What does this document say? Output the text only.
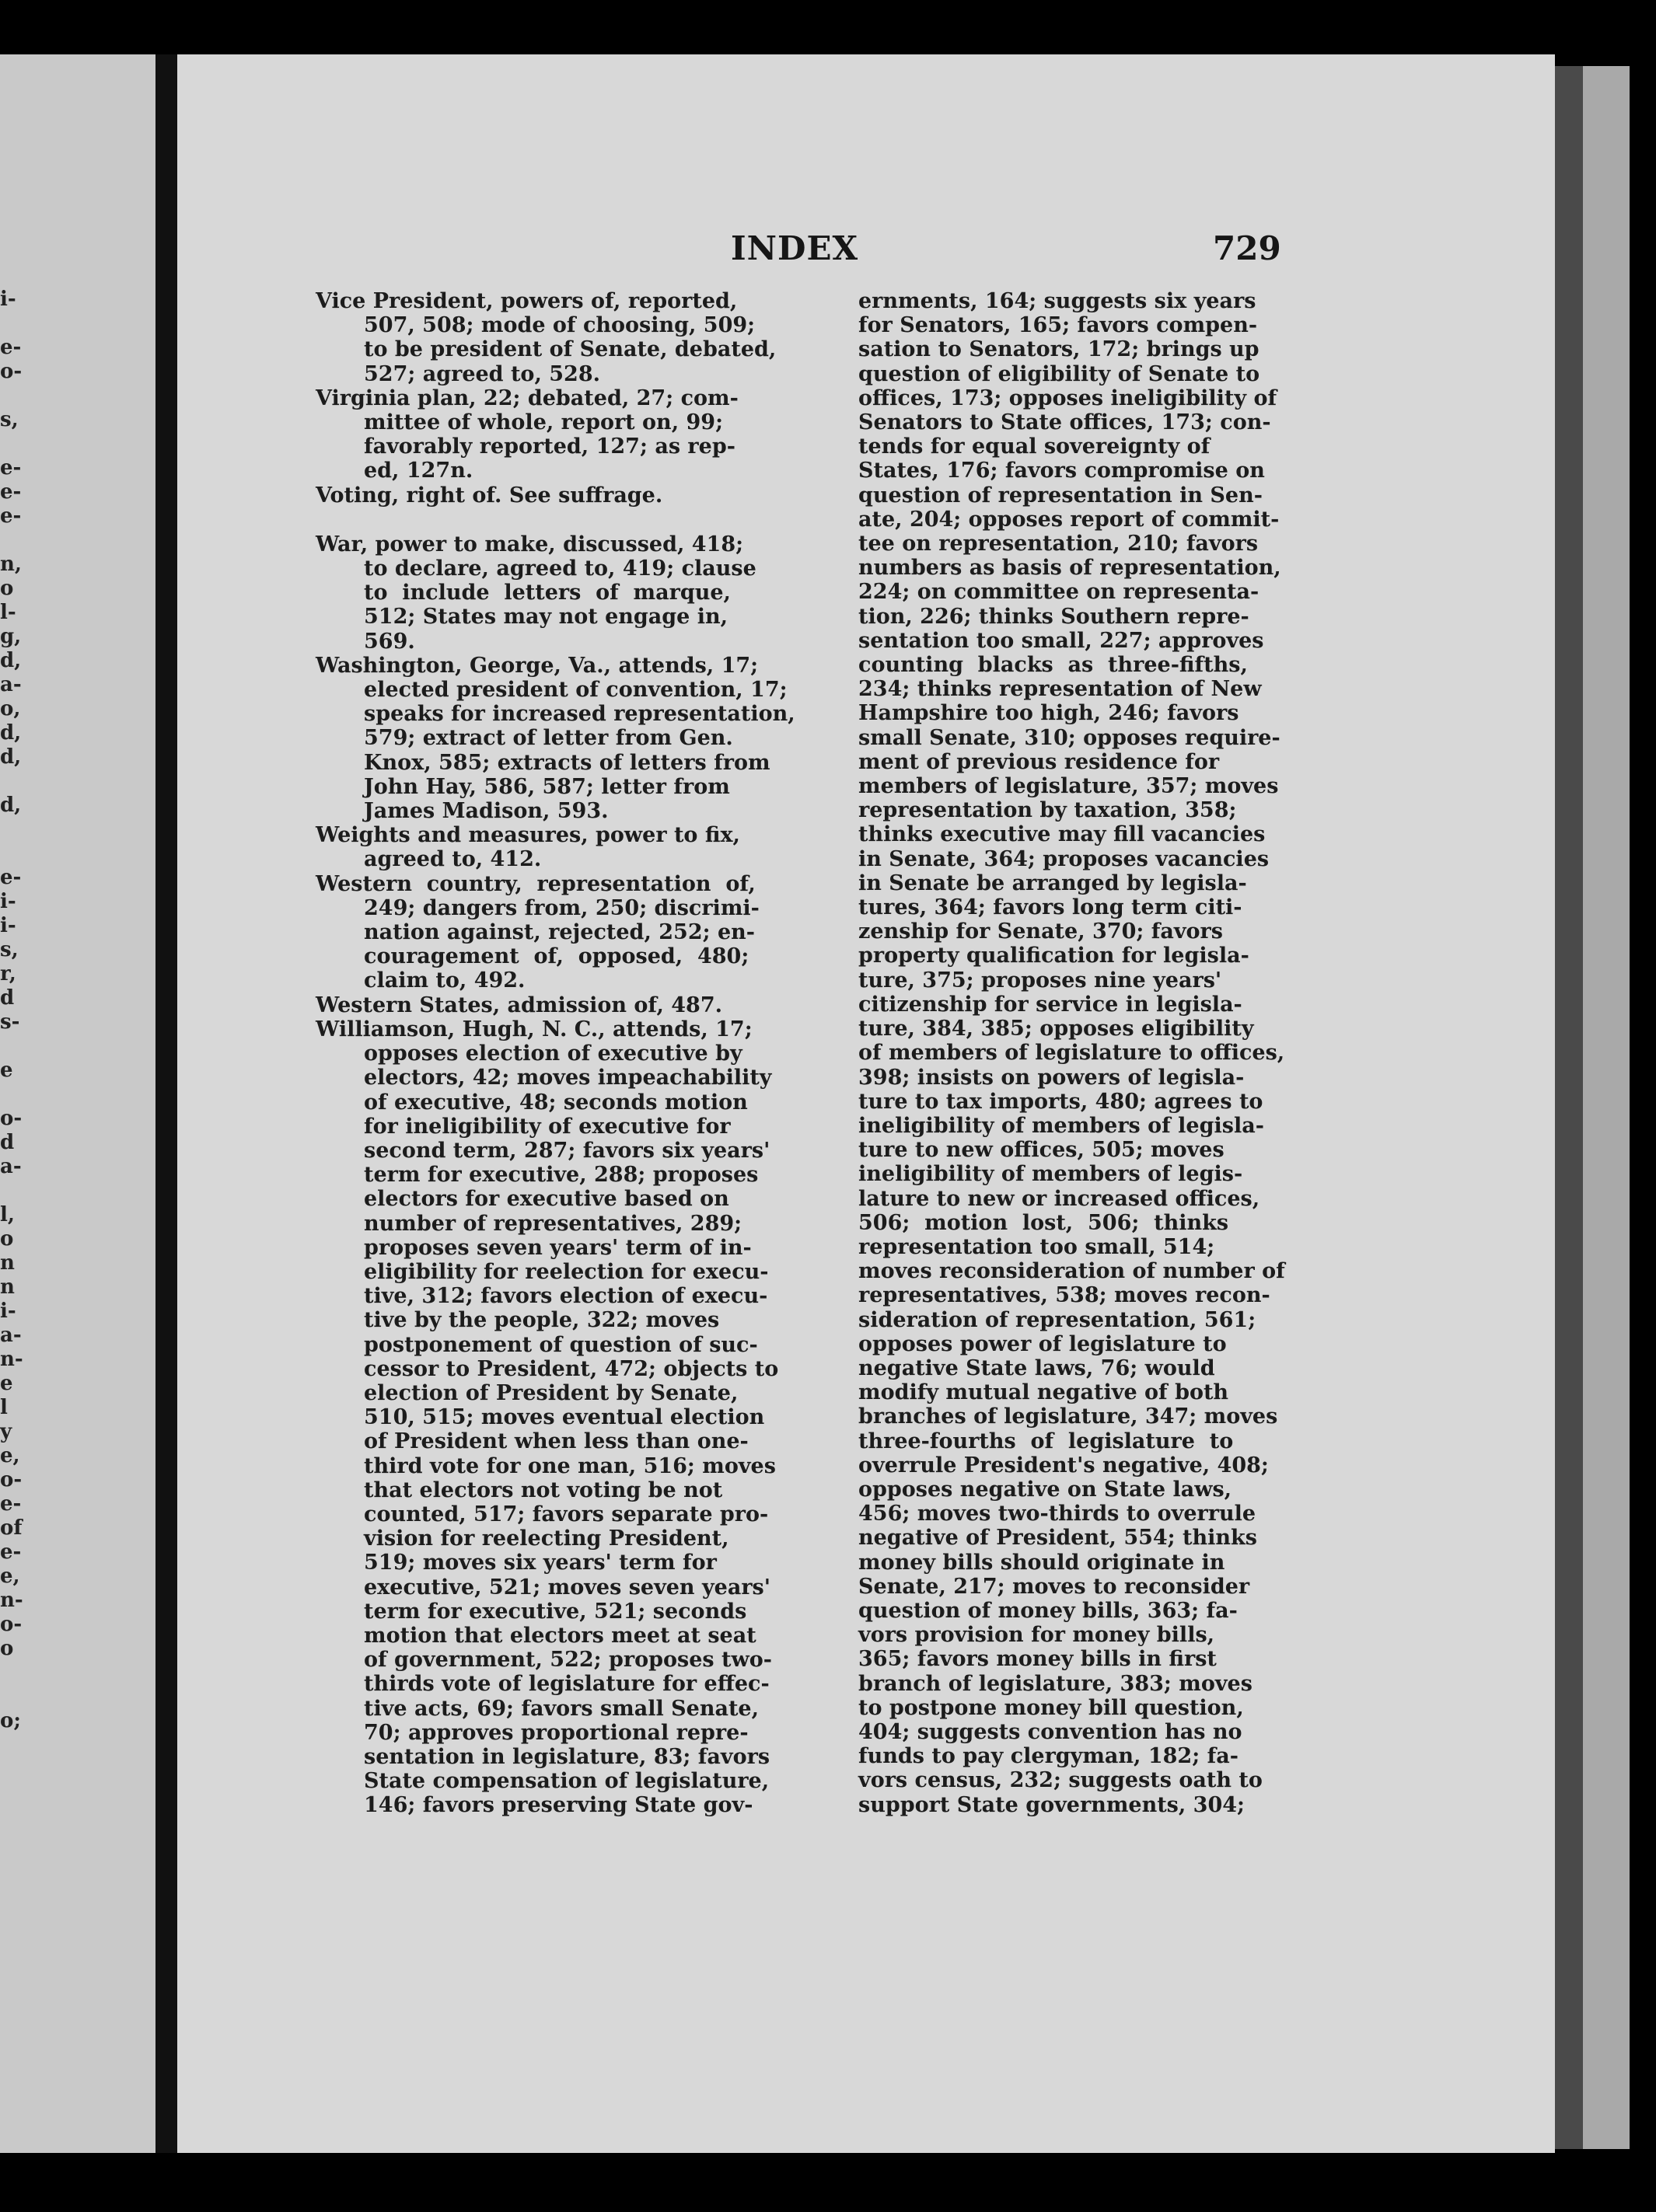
i-
e-
o-
s,
e-
e-
e-
n,
o
l-
g,
d,
a-
o,
d,
d,
d,
e-
i-
i-
s,
r,
d
s-
e
o-
d
a-
l,
o
n
n
i-
a-
n-
e
l
y
e,
o-
e-
of
e-
e,
n-
o-
o
o;
INDEX	729
Vice President, powers of, reported,
507, 508; mode of choosing, 509;
to be president of Senate, debated,
527; agreed to, 528.
Virginia plan, 22; debated, 27; com-
mittee of whole, report on, 99;
favorably reported, 127; as rep-
ed, 127n.
Voting, right of. See suffrage.
War, power to make, discussed, 418;
to declare, agreed to, 419; clause
to  include  letters  of  marque,
512; States may not engage in,
569.
Washington, George, Va., attends, 17;
elected president of convention, 17;
speaks for increased representation,
579; extract of letter from Gen.
Knox, 585; extracts of letters from
John Hay, 586, 587; letter from
James Madison, 593.
Weights and measures, power to fix,
agreed to, 412.
Western  country,  representation  of,
249; dangers from, 250; discrimi-
nation against, rejected, 252; en-
couragement  of,  opposed,  480;
claim to, 492.
Western States, admission of, 487.
Williamson, Hugh, N. C., attends, 17;
opposes election of executive by
electors, 42; moves impeachability
of executive, 48; seconds motion
for ineligibility of executive for
second term, 287; favors six years'
term for executive, 288; proposes
electors for executive based on
number of representatives, 289;
proposes seven years' term of in-
eligibility for reelection for execu-
tive, 312; favors election of execu-
tive by the people, 322; moves
postponement of question of suc-
cessor to President, 472; objects to
election of President by Senate,
510, 515; moves eventual election
of President when less than one-
third vote for one man, 516; moves
that electors not voting be not
counted, 517; favors separate pro-
vision for reelecting President,
519; moves six years' term for
executive, 521; moves seven years'
term for executive, 521; seconds
motion that electors meet at seat
of government, 522; proposes two-
thirds vote of legislature for effec-
tive acts, 69; favors small Senate,
70; approves proportional repre-
sentation in legislature, 83; favors
State compensation of legislature,
146; favors preserving State gov-
ernments, 164; suggests six years
for Senators, 165; favors compen-
sation to Senators, 172; brings up
question of eligibility of Senate to
offices, 173; opposes ineligibility of
Senators to State offices, 173; con-
tends for equal sovereignty of
States, 176; favors compromise on
question of representation in Sen-
ate, 204; opposes report of commit-
tee on representation, 210; favors
numbers as basis of representation,
224; on committee on representa-
tion, 226; thinks Southern repre-
sentation too small, 227; approves
counting  blacks  as  three-fifths,
234; thinks representation of New
Hampshire too high, 246; favors
small Senate, 310; opposes require-
ment of previous residence for
members of legislature, 357; moves
representation by taxation, 358;
thinks executive may fill vacancies
in Senate, 364; proposes vacancies
in Senate be arranged by legisla-
tures, 364; favors long term citi-
zenship for Senate, 370; favors
property qualification for legisla-
ture, 375; proposes nine years'
citizenship for service in legisla-
ture, 384, 385; opposes eligibility
of members of legislature to offices,
398; insists on powers of legisla-
ture to tax imports, 480; agrees to
ineligibility of members of legisla-
ture to new offices, 505; moves
ineligibility of members of legis-
lature to new or increased offices,
506;  motion  lost,  506;  thinks
representation too small, 514;
moves reconsideration of number of
representatives, 538; moves recon-
sideration of representation, 561;
opposes power of legislature to
negative State laws, 76; would
modify mutual negative of both
branches of legislature, 347; moves
three-fourths  of  legislature  to
overrule President's negative, 408;
opposes negative on State laws,
456; moves two-thirds to overrule
negative of President, 554; thinks
money bills should originate in
Senate, 217; moves to reconsider
question of money bills, 363; fa-
vors provision for money bills,
365; favors money bills in first
branch of legislature, 383; moves
to postpone money bill question,
404; suggests convention has no
funds to pay clergyman, 182; fa-
vors census, 232; suggests oath to
support State governments, 304;
